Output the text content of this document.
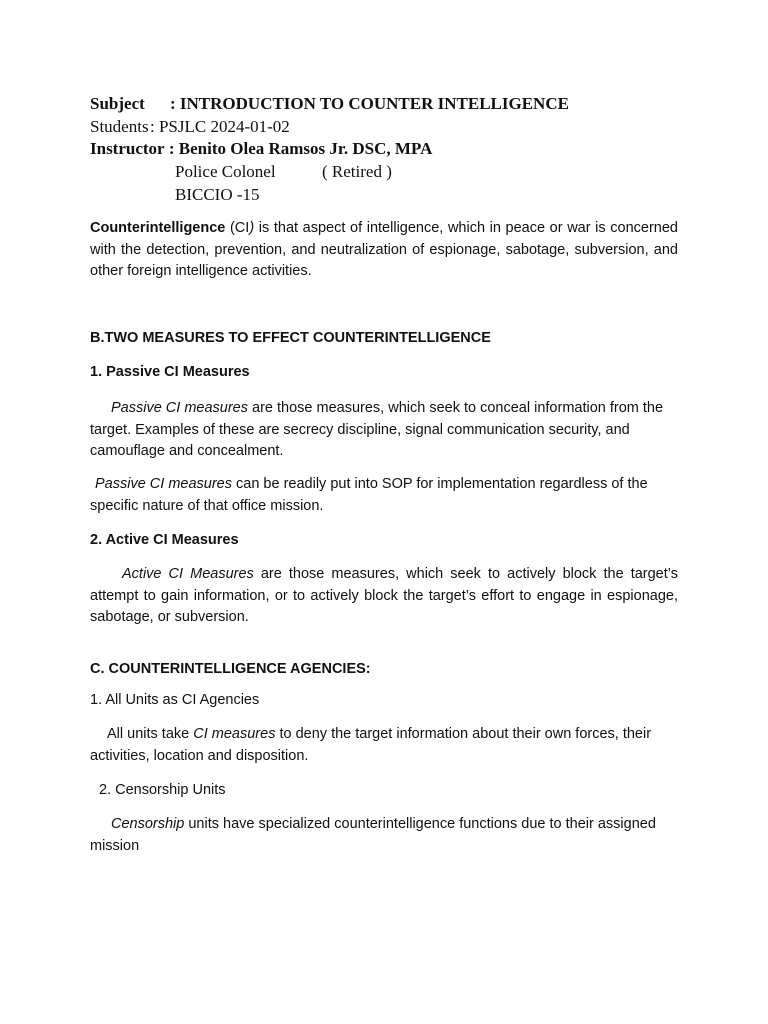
Subject : INTRODUCTION TO COUNTER INTELLIGENCE
Students: PSJLC 2024-01-02
Instructor : Benito Olea Ramsos Jr. DSC, MPA
Police Colonel	( Retired )
BICCIO -15
Counterintelligence (CI) is that aspect of intelligence, which in peace or war is concerned with the detection, prevention, and neutralization of espionage, sabotage, subversion, and other foreign intelligence activities.
B.TWO MEASURES TO EFFECT COUNTERINTELLIGENCE
1. Passive CI Measures
Passive CI measures are those measures, which seek to conceal information from the target. Examples of these are secrecy discipline, signal communication security, and camouflage and concealment.
Passive CI measures can be readily put into SOP for implementation regardless of the specific nature of that office mission.
2. Active CI Measures
Active CI Measures are those measures, which seek to actively block the target’s attempt to gain information, or to actively block the target’s effort to engage in espionage, sabotage, or subversion.
C. COUNTERINTELLIGENCE AGENCIES:
1. All Units as CI Agencies
All units take CI measures to deny the target information about their own forces, their activities, location and disposition.
2. Censorship Units
Censorship units have specialized counterintelligence functions due to their assigned mission
